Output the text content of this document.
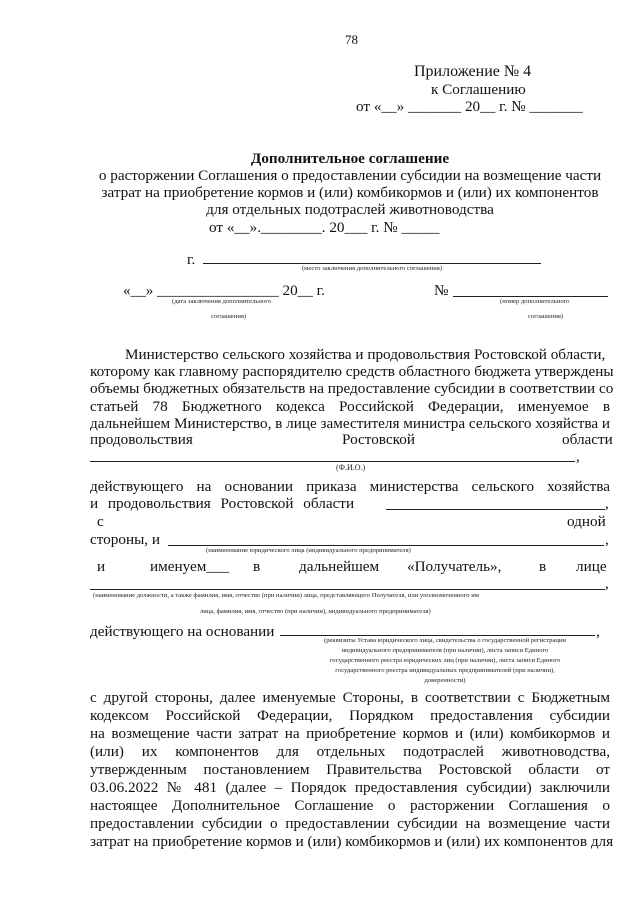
78
Приложение № 4
к Соглашению
от «__» _______ 20__ г. № _______
Дополнительное соглашение
о расторжении Соглашения о предоставлении субсидии на возмещение части
затрат на приобретение кормов и (или) комбикормов и (или) их компонентов
для отдельных подотраслей животноводства
от «__».________. 20___ г. № _____
г.
(место заключения дополнительного соглашения)
«__» ________________ 20__ г.
(дата заключения дополнительного
соглашения)
№
(номер дополнительного
соглашения)
Министерство сельского хозяйства и продовольствия Ростовской области,
которому как главному распорядителю средств областного бюджета утверждены
объемы бюджетных обязательств на предоставление субсидии в соответствии со
статьей 78 Бюджетного кодекса Российской Федерации, именуемое в
дальнейшем Министерство, в лице заместителя министра сельского хозяйства и
продовольствия	Ростовской	области
,
(Ф.И.О.)
действующего на основании приказа министерства сельского хозяйства
и продовольствия Ростовской области	,
с	одной
стороны, и	,
(наименование юридического лица (индивидуального предпринимателя)
и	именуем___ в	дальнейшем «Получатель», в лице
,
(наименование должности, а также фамилия, имя, отчество (при наличии) лица, представляющего Получателя, или уполномоченного им
лица, фамилия, имя, отчество (при наличии), индивидуального предпринимателя)
действующего на основании	,
(реквизиты Устава юридического лица, свидетельства о государственной регистрации
индивидуального предпринимателя (при наличии), листа записи Единого
государственного реестра юридических лиц (при наличии), листа записи Единого
государственного реестра индивидуальных предпринимателей (при наличии),
доверенности)
с другой стороны, далее именуемые Стороны, в соответствии с Бюджетным
кодексом Российской Федерации, Порядком предоставления субсидии
на возмещение части затрат на приобретение кормов и (или) комбикормов и
(или) их компонентов для отдельных подотраслей животноводства,
утвержденным постановлением Правительства Ростовской области от
03.06.2022 № 481 (далее – Порядок предоставления субсидии) заключили
настоящее Дополнительное Соглашение о расторжении Соглашения о
предоставлении субсидии о предоставлении субсидии на возмещение части
затрат на приобретение кормов и (или) комбикормов и (или) их компонентов для
